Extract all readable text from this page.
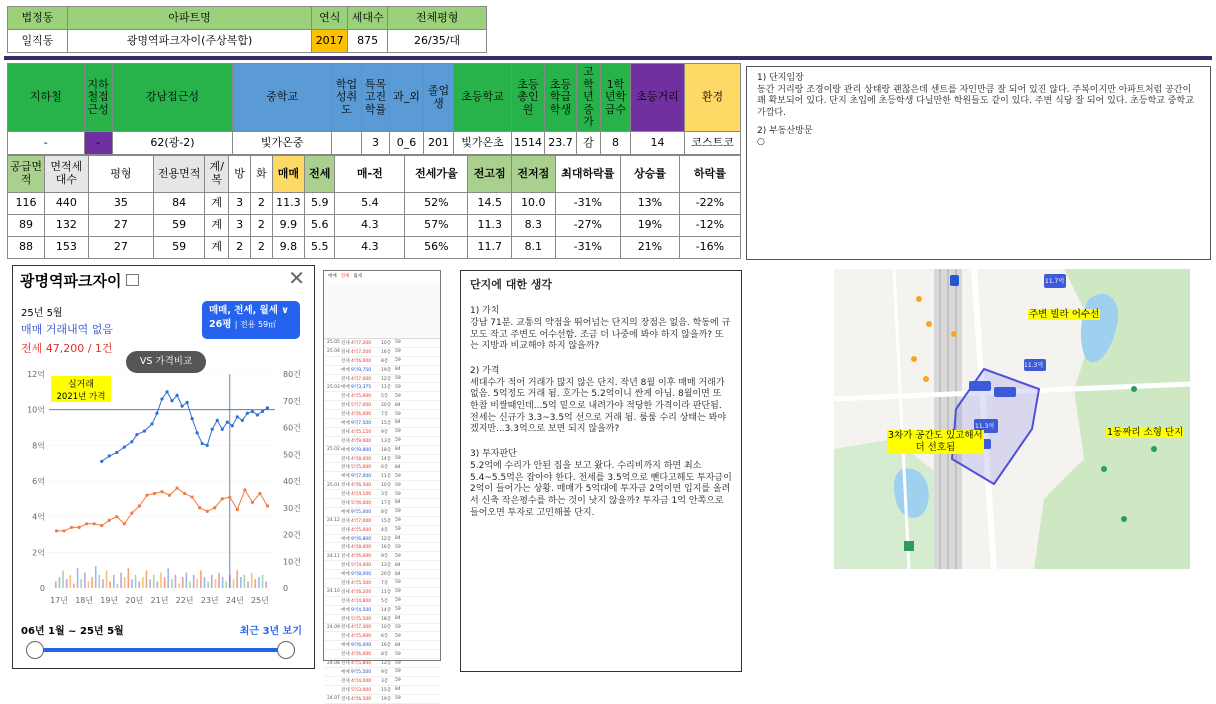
법정동	아파트명	연식	세대수	전체평형
일직동	광명역파크자이(주상복합)	2017	875	26/35/대
지하철	지하철접근성	강남접근성	중학교	학업성취도	특목고진학률	과_외	졸업생	초등학교	초등총인원	초등학급학생	고학년증가	1학년학급수	초등거리	환경
-	-	62(광-2)	빛가온중		3	0_6	201	빛가온초	1514	23.7	감	8	14	코스트코
공급면적	면적세대수	평형	전용면적	계/복	방	화	매매	전세	매-전	전세가율	전고점	전저점	최대하락률	상승률	하락률
116	440	35	84	계	3	2	11.3	5.9	5.4	52%	14.5	10.0	-31%	13%	-22%
89	132	27	59	계	3	2	9.9	5.6	4.3	57%	11.3	8.3	-27%	19%	-12%
88	153	27	59	계	2	2	9.8	5.5	4.3	56%	11.7	8.1	-31%	21%	-16%
1) 단지임장
동간 거리랑 조경이랑 관리 상태랑 괜찮은데 센트를 자인만큼 잘 되어 있진 않다. 주복이지만 아파트처럼 공간이 꽤 확보되어 있다. 단지 초입에 초등학생 다닐만한 학원들도 같이 있다. 주변 식당 잘 되어 있다. 초등학교 중학교 가깝다.
2) 부동산방문
○
광명역파크자이	✕
25년 5월
매매 거래내역 없음
전세 47,200 / 1건
매매, 전세, 월세 ∨
26평 | 전용 59㎡
VS 가격비교
0
2억
4억
6억
8억
10억
12억
0
10건
20건
30건
40건
50건
60건
70건
80건
17년 18년 19년 20년 21년 22년 23년 24년 25년
실거래
2021년 가격
06년 1월 ~ 25년 5월	최근 3년 보기
매매 전세 월세
25.05 전세 4억7,200	10층 59
25.04 전세 4억7,500	16층 59
전세 4억6,000	8층	59
매매 9억9,750	19층 84
전세 4억7,000	12층 59
25.03 매매 9억3,375	11층 59
전세 4억5,000	5층	59
전세 5억7,000	20층 84
전세 4억6,000	7층	59
매매 9억7,500	15층 84
전세 4억5,150	9층	59
전세 4억9,000	13층 59
25.02 매매 9억9,800	18층 84
전세 4억8,000	14층 59
전세 5억5,000	6층	84
매매 9억7,000	11층 59
25.01 전세 4억6,500	10층 59
전세 4억4,100	3층	59
전세 5억6,000	17층 84
매매 9억5,000	8층	59
24.12 전세 4억7,000	15층 59
전세 4억5,000	4층	59
매매 9억6,800	12층 84
전세 4억8,000	16층 59
24.11 전세 4억6,000	9층	59
전세 5억4,000	13층 84
매매 9억8,000	20층 84
전세 4억5,500	7층	59
24.10 전세 4억6,200	11층 59
전세 4억4,800	5층	59
매매 9억4,500	14층 59
전세 5억5,500	18층 84
24.09 전세 4억7,300	10층 59
전세 4억5,000	6층	59
매매 9억6,000	16층 84
전세 4억6,000	8층	59
24.08 전세 4억5,800	12층 59
매매 9억5,500	9층	59
전세 4억4,000	3층	59
전세 5억3,000	15층 84
24.07 전세 4억6,500	19층 59
단지에 대한 생각
1) 가치
강남 71분. 교통의 약점을 뛰어넘는 단지의 장점은 없음. 학동에 규모도 작고 주변도 어수선함. 조금 더 나중에 봐야 하지 않을까? 또는 지방과 비교해야 하지 않을까?
2) 가격
세대수가 적어 거래가 많지 않은 단지. 작년 8월 이후 매매 거래가 없음. 5억정도 거래 됨. 호가는 5.2억이니 싼게 아님. 8월이면 또 한참 비쌀때인데...5억 밑으로 내려가야 적당한 가격이라 판단됨. 전세는 신규가 3.3~3.5억 선으로 거래 됨. 룸룸 수리 상태는 봐야겠지만...3.3억으로 보면 되지 않을까?
3) 투자판단
5.2억에 수리가 안된 집을 보고 왔다. 수리비까지 하면 최소 5.4~5.5억은 잡아야 한다. 전세를 3.5억으로 뺀다고해도 투자금이 2억이 들어가는 상황. 매매가 5억대에 투자금 2억이면 입지를 올려서 신축 작은평수를 하는 것이 낫지 않을까? 투자금 1억 안쪽으로 들어오면 투자로 고민해볼 단지.
11.7억
11.3억
11.3억
주변 빌라 어수선
3차가 공간도 있고해서
더 선호됨
1동짜리 소형 단지
